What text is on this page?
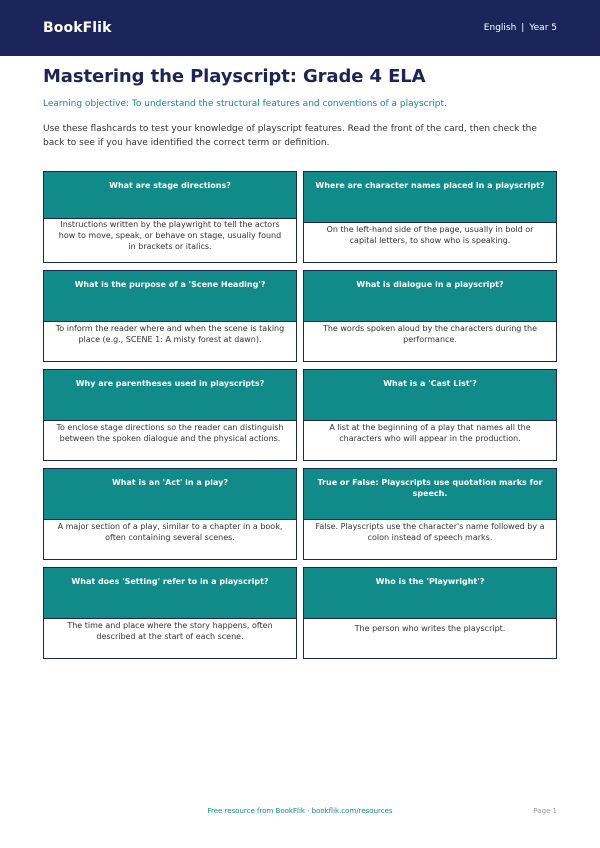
BookFlik	English | Year 5
Mastering the Playscript: Grade 4 ELA

Learning objective: To understand the structural features and conventions of a playscript.

Use these flashcards to test your knowledge of playscript features. Read the front of the card, then check the back to see if you have identified the correct term or definition.

What are stage directions?
Instructions written by the playwright to tell the actors how to move, speak, or behave on stage, usually found in brackets or italics.
Where are character names placed in a playscript?
On the left-hand side of the page, usually in bold or capital letters, to show who is speaking.
What is the purpose of a 'Scene Heading'?
To inform the reader where and when the scene is taking place (e.g., SCENE 1: A misty forest at dawn).
What is dialogue in a playscript?
The words spoken aloud by the characters during the performance.
Why are parentheses used in playscripts?
To enclose stage directions so the reader can distinguish between the spoken dialogue and the physical actions.
What is a 'Cast List'?
A list at the beginning of a play that names all the characters who will appear in the production.
What is an 'Act' in a play?
A major section of a play, similar to a chapter in a book, often containing several scenes.
True or False: Playscripts use quotation marks for speech.
False. Playscripts use the character's name followed by a colon instead of speech marks.
What does 'Setting' refer to in a playscript?
The time and place where the story happens, often described at the start of each scene.
Who is the 'Playwright'?
The person who writes the playscript.
Free resource from BookFlik · bookflik.com/resources	Page 1
